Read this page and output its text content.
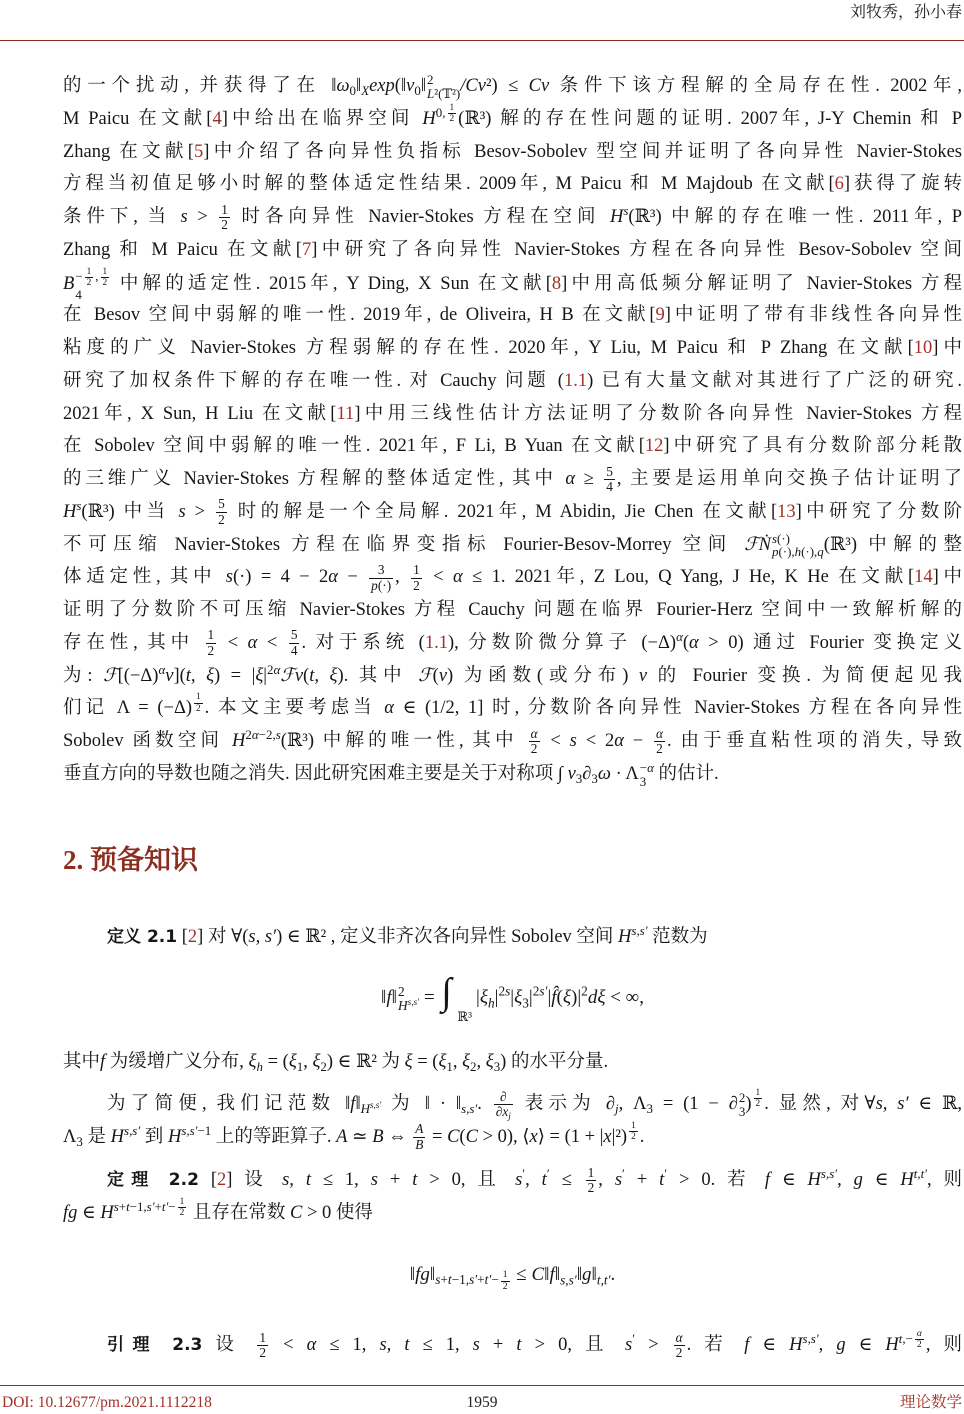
刘牧秀，孙小春
的一个扰动, 并获得了在 $‖\omega_0‖_X\exp(‖v_0‖$ 2
L²(𝕋²) /Cν²) ≤ Cν 条件下该方程解的全局存在性. 2002年,
M Paicu 在文献[4]中给出在临界空间 $H^{0, \frac{1}{2}}$ (ℝ³) 解的存在性问题的证明. 2007年, J-Y Chemin 和 P
Zhang 在文献[5]中介绍了各向异性负指标 Besov-Sobolev 型空间并证明了各向异性 Navier-Stokes
方程当初值足够小时解的整体适定性结果. 2009年, M Paicu 和 M Majdoub 在文献[6]获得了旋转
条件下, 当 $s > \frac{1}{2}$ 时各向异性 Navier-Stokes 方程在空间 $H^s(ℝ^3)$ 中解的存在唯一性. 2011年, P
Zhang 和 M Paicu 在文献[7]中研究了各向异性 Navier-Stokes 方程在各向异性 Besov-Sobolev 空间
$B - \frac{1}{2}$ , $\frac{1}{2}$
4
中解的适定性. 2015年, Y Ding, X Sun 在文献[8]中用高低频分解证明了 Navier-Stokes 方程
在 Besov 空间中弱解的唯一性. 2019年, de Oliveira, H B 在文献[9]中证明了带有非线性各向异性
粘度的广义 Navier-Stokes 方程弱解的存在性. 2020年, Y Liu, M Paicu 和 P Zhang 在文献[10]中
研究了加权条件下解的存在唯一性. 对 Cauchy 问题 (1.1) 已有大量文献对其进行了广泛的研究.
2021年, X Sun, H Liu 在文献[11]中用三线性估计方法证明了分数阶各向异性 Navier-Stokes 方程
在 Sobolev 空间中弱解的唯一性. 2021年, F Li, B Yuan 在文献[12]中研究了具有分数阶部分耗散
的三维广义 Navier-Stokes 方程解的整体适定性, 其中 $\alpha \ge \frac{5}{4}$ , 主要是运用单向交换子估计证明了
$H^s(ℝ^3)$ 中当 $s > \frac{5}{2}$ 时的解是一个全局解. 2021年, M Abidin, Jie Chen 在文献[13]中研究了分数阶
不可压缩 Navier-Stokes 方程在临界变指标 Fourier-Besov-Morrey 空间 ℱṄ s(·)
p(·),h(·),q (ℝ³) 中解的整
体适定性, 其中 $s(\cdot) = 4 - 2\alpha - \frac{3}{p(\cdot)}$ , $\frac{1}{2} < \alpha \le 1$. 2021年, Z Lou, Q Yang, J He, K He 在文献[14]中
证明了分数阶不可压缩 Navier-Stokes 方程 Cauchy 问题在临界 Fourier-Herz 空间中一致解析解的
存在性, 其中 $\frac{1}{2} < \alpha < \frac{5}{4}$ . 对于系统 (1.1), 分数阶微分算子 $(-\Delta)^\alpha(\alpha > 0)$ 通过 Fourier 变换定义
为: $ℱ[(-\Delta)^\alpha v](t$, $\xi) = |\xi|^{2\alpha}ℱv(t$, ξ). 其中 ℱ(v) 为函数(或分布) v 的 Fourier 变换. 为简便起见我
们记 Λ = (−Δ) $^{\frac{1}{2}}$ . 本文主要考虑当 α ∈ (1/2, 1] 时, 分数阶各向异性 Navier-Stokes 方程在各向异性
Sobolev 函数空间 $H^{2\alpha-2,s}(ℝ^3)$ 中解的唯一性, 其中 $\frac{\alpha}{2} < s < 2\alpha - \frac{\alpha}{2}$ . 由于垂直粘性项的消失, 导致
垂直方向的导数也随之消失. 因此研究困难主要是关于对称项 ∫ $v_3\partial_3\omega \cdot \Lambda -\alpha$
3 的估计.
2. 预备知识
定义 2.1 [2] 对 ∀(s, s′) ∈ ℝ² , 定义非齐次各向异性 Sobolev 空间 $H^{s,s'}$ 范数为
‖f‖ 2
$H^{s,s'}$ = ∫
ℝ³
$|\xi_h|^{2s}|\xi_3|^{2s'}|f̂(\xi)|^2d\xi$ < ∞,
其中f 为缓增广义分布, $\xi_h = (\xi_1$, $\xi_2$) ∈ ℝ² 为 $\xi = (\xi_1$, $\xi_2$, $\xi_3$) 的水平分量.
为了简便, 我们记范数 $‖f‖_{H^{s,s'}}$ 为 ‖ · $‖_{s,s'}$. $\frac{\partial}{\partial x_j}$ 表示为 $\partial_j$, $\Lambda_3 = (1$ − ∂ 2
3 ) $^{\frac{1}{2}}$ . 显然, 对∀s, s′ ∈ ℝ,
$\Lambda_3$ 是 $H^{s,s'}$ 到 $H^{s,s'-1}$ 上的等距算子. A ≃ B ⇔ $\frac{A}{B} = C(C > 0)$, ⟨x⟩ = (1 + |x|²) $^{\frac{1}{2}}$ .
定理 2.2 [2] 设 s, t ≤ 1, s + t > 0, 且 s′, $t' \le \frac{1}{2}$ , s′ + t′ > 0. 若 f ∈ $H^{s,s'}$, g ∈ $H^{t,t'}$, 则
fg ∈ $H^{s+t-1,s'+t'- \frac{1}{2}}$ 且存在常数 C > 0 使得
$‖fg‖_{s+t-1,s'+t'- \frac{1}{2}}$ ≤ $C‖f‖_{s,s'}‖g‖_{t,t'}$.
引理 2.3 设 $\frac{1}{2} < \alpha \le 1$, s, t ≤ 1, s + t > 0, 且 $s' > \frac{\alpha}{2}$ . 若 f ∈ $H^{s,s'}$, g ∈ $H^{t,- \frac{\alpha}{2}}$ , 则
DOI: 10.12677/pm.2021.1112218	1959	理论数学
